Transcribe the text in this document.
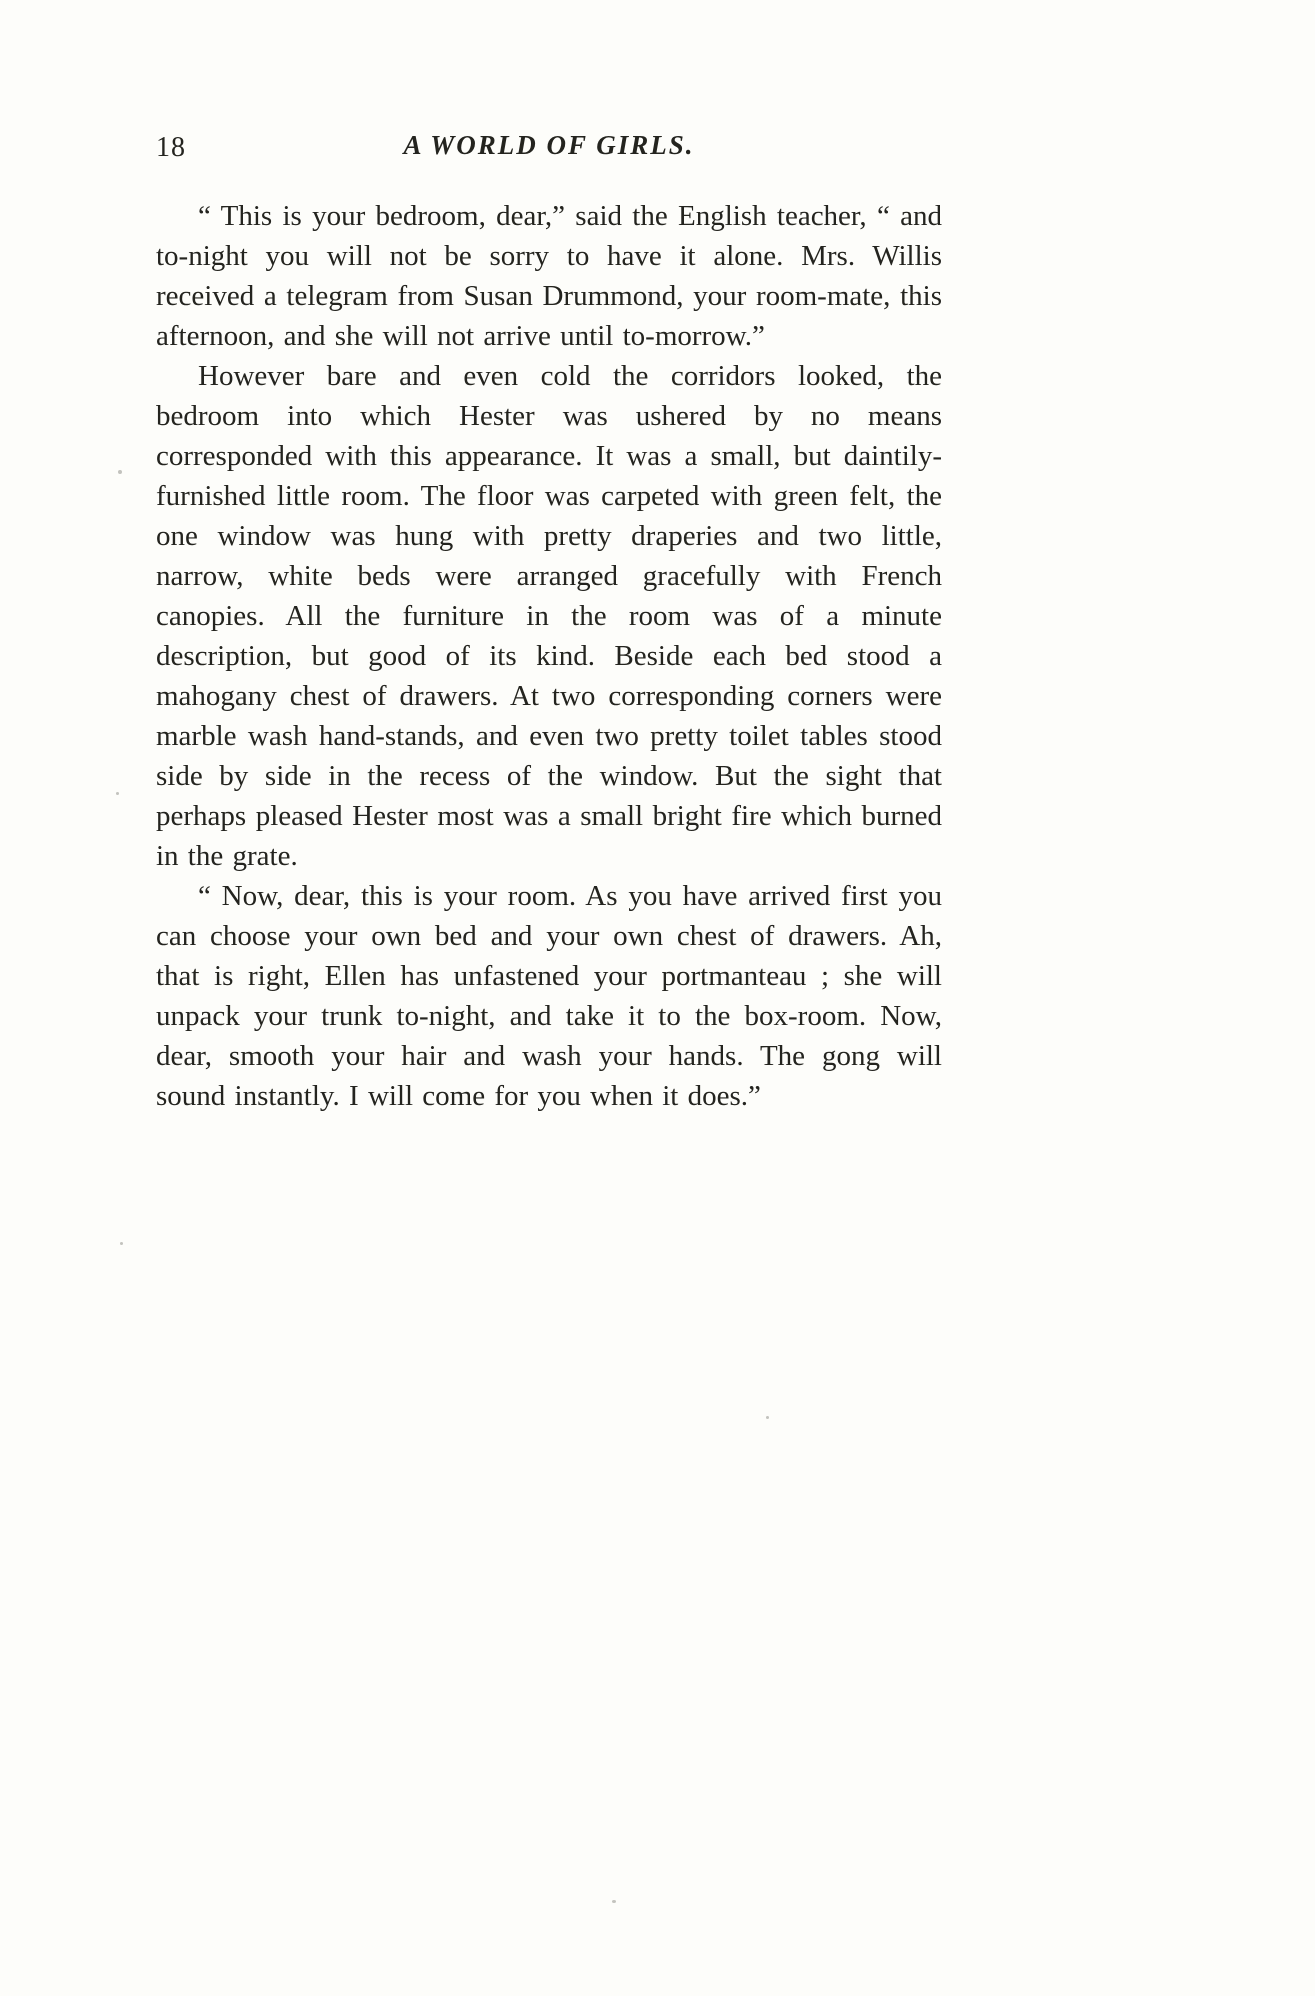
18	A WORLD OF GIRLS.

“ This is your bedroom, dear,” said the English teacher, “ and to-night you will not be sorry to have it alone. Mrs. Willis received a telegram from Susan Drummond, your room-mate, this afternoon, and she will not arrive until to-morrow.”

However bare and even cold the corridors looked, the bedroom into which Hester was ushered by no means corresponded with this appearance. It was a small, but daintily-furnished little room. The floor was carpeted with green felt, the one window was hung with pretty draperies and two little, narrow, white beds were arranged gracefully with French canopies. All the furniture in the room was of a minute description, but good of its kind. Beside each bed stood a mahogany chest of drawers. At two corresponding corners were marble wash hand-stands, and even two pretty toilet tables stood side by side in the recess of the window. But the sight that perhaps pleased Hester most was a small bright fire which burned in the grate.

“ Now, dear, this is your room. As you have arrived first you can choose your own bed and your own chest of drawers. Ah, that is right, Ellen has unfastened your portmanteau ; she will unpack your trunk to-night, and take it to the box-room. Now, dear, smooth your hair and wash your hands. The gong will sound instantly. I will come for you when it does.”
